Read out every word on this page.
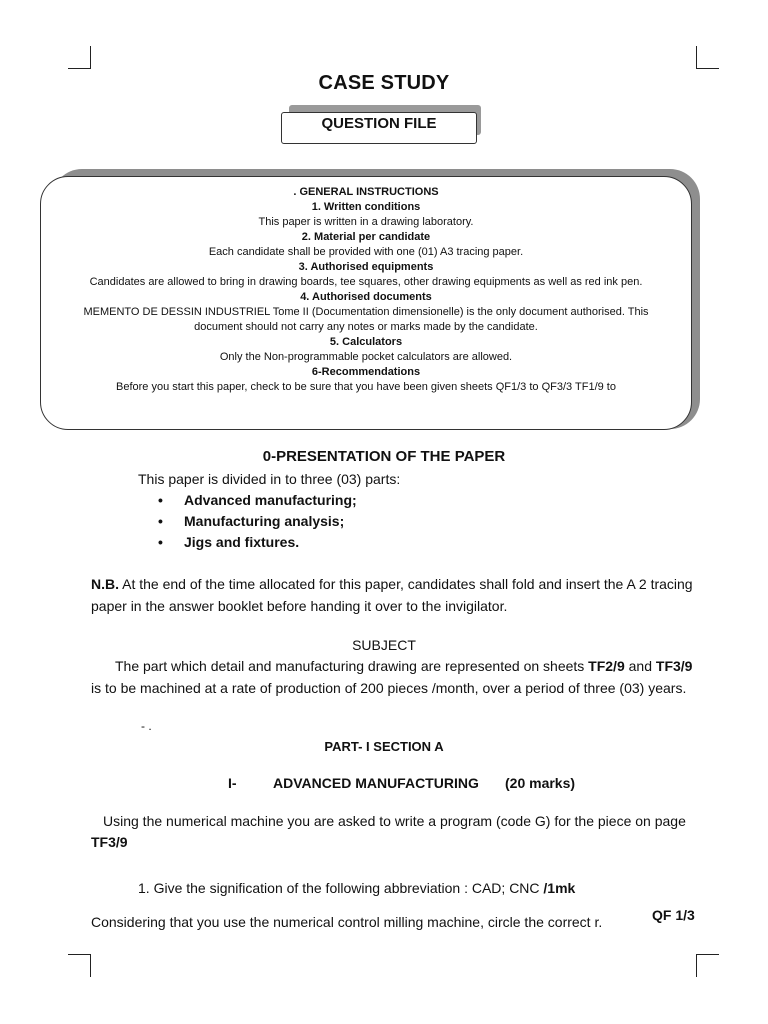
CASE STUDY
QUESTION FILE
. GENERAL INSTRUCTIONS
1. Written conditions
This paper is written in a drawing laboratory.
2. Material per candidate
Each candidate shall be provided with one (01) A3 tracing paper.
3. Authorised equipments
Candidates are allowed to bring in drawing boards, tee squares, other drawing equipments as well as red ink pen.
4. Authorised documents
MEMENTO DE DESSIN INDUSTRIEL Tome II (Documentation dimensionelle) is the only document authorised. This document should not carry any notes or marks made by the candidate.
5. Calculators
Only the Non-programmable pocket calculators are allowed.
6-Recommendations
Before you start this paper, check to be sure that you have been given sheets QF1/3 to QF3/3 TF1/9 to
0-PRESENTATION OF THE PAPER
This paper is divided in to three (03) parts:
• Advanced manufacturing;
• Manufacturing analysis;
• Jigs and fixtures.
N.B. At the end of the time allocated for this paper, candidates shall fold and insert the A 2 tracing paper in the answer booklet before handing it over to the invigilator.
SUBJECT
The part which detail and manufacturing drawing are represented on sheets TF2/9 and TF3/9 is to be machined at a rate of production of 200 pieces /month, over a period of three (03) years.
- .
PART- I SECTION A
I-	ADVANCED MANUFACTURING (20 marks)
Using the numerical machine you are asked to write a program (code G) for the piece on page TF3/9
1. Give the signification of the following abbreviation : CAD; CNC /1mk
Considering that you use the numerical control milling machine, circle the correct r.	QF 1/3
